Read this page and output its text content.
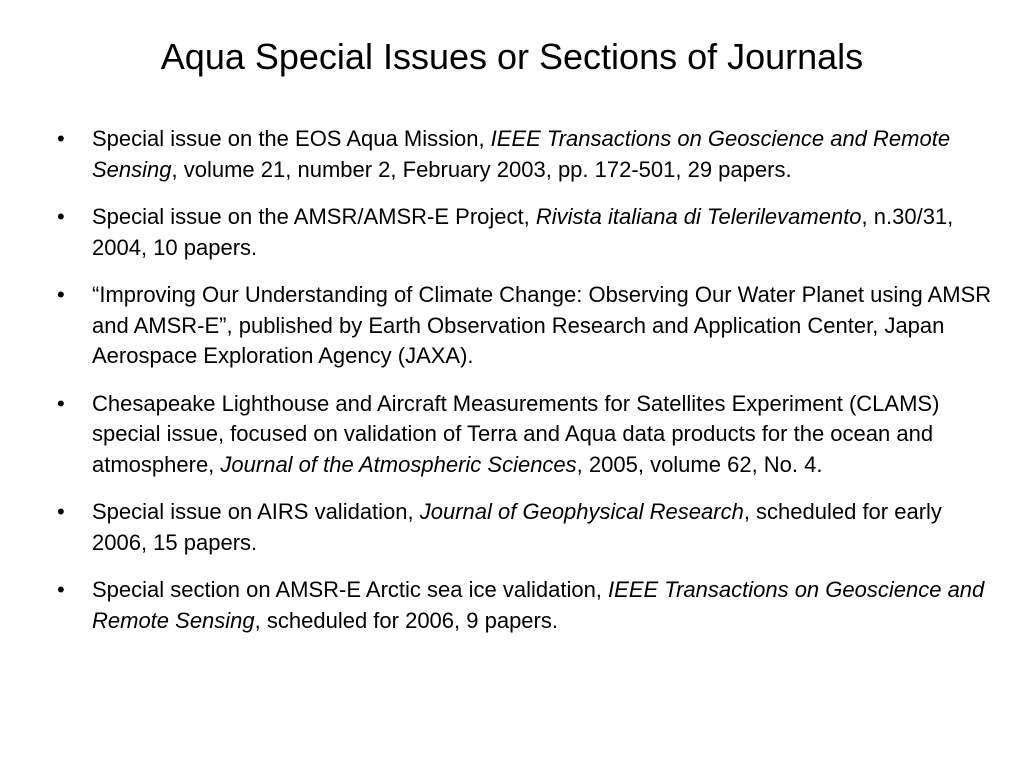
Aqua Special Issues or Sections of Journals
•	Special issue on the EOS Aqua Mission, IEEE Transactions on Geoscience and Remote Sensing, volume 21, number 2, February 2003, pp. 172-501, 29 papers.
•	Special issue on the AMSR/AMSR-E Project, Rivista italiana di Telerilevamento, n.30/31, 2004, 10 papers.
•	“Improving Our Understanding of Climate Change: Observing Our Water Planet using AMSR and AMSR-E”, published by Earth Observation Research and Application Center, Japan Aerospace Exploration Agency (JAXA).
•	Chesapeake Lighthouse and Aircraft Measurements for Satellites Experiment (CLAMS) special issue, focused on validation of Terra and Aqua data products for the ocean and atmosphere, Journal of the Atmospheric Sciences, 2005, volume 62, No. 4.
•	Special issue on AIRS validation, Journal of Geophysical Research, scheduled for early 2006, 15 papers.
•	Special section on AMSR-E Arctic sea ice validation, IEEE Transactions on Geoscience and Remote Sensing, scheduled for 2006, 9 papers.
